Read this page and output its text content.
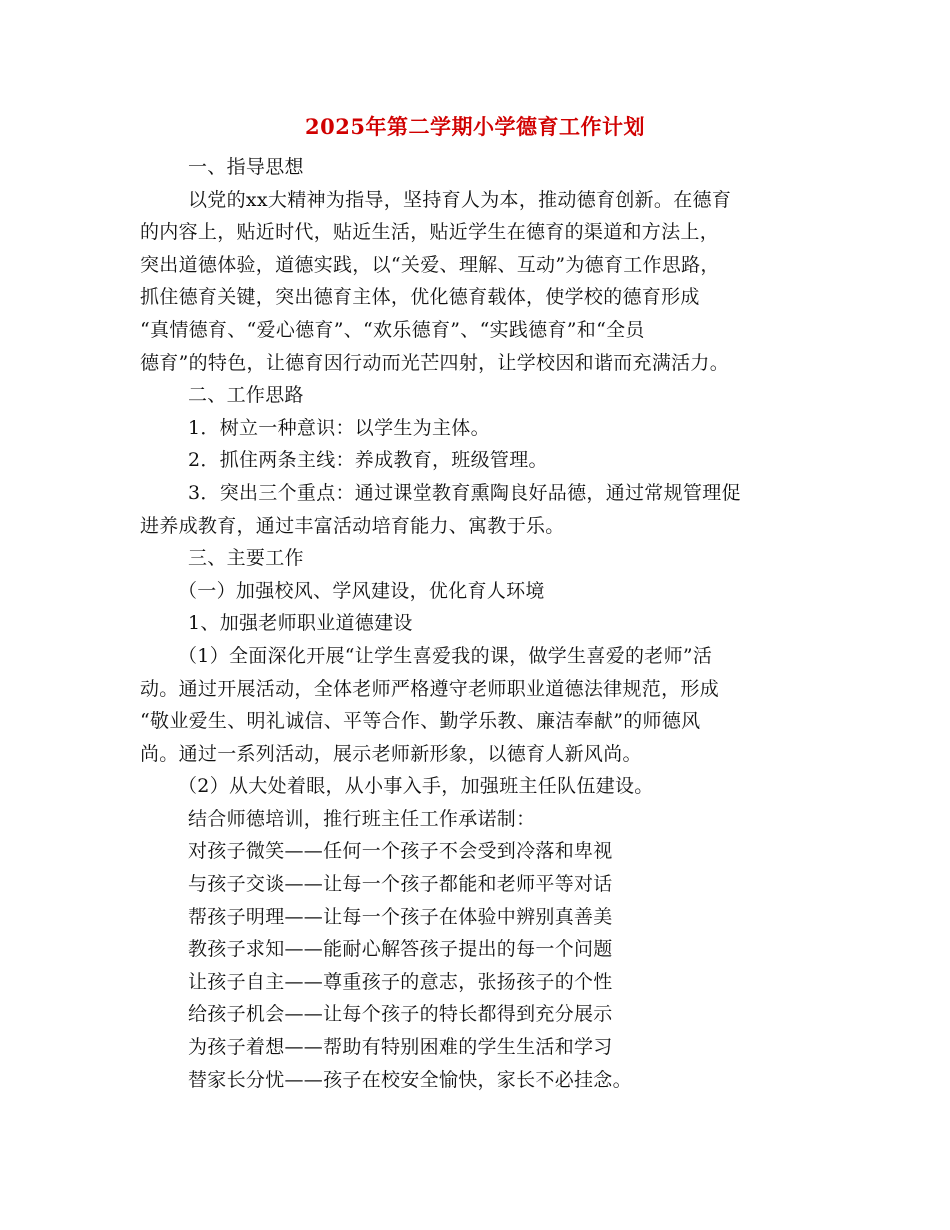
2025年第二学期小学德育工作计划
一、指导思想
以党的xx大精神为指导，坚持育人为本，推动德育创新。在德育
的内容上，贴近时代，贴近生活，贴近学生在德育的渠道和方法上，
突出道德体验，道德实践，以“关爱、理解、互动”为德育工作思路，
抓住德育关键，突出德育主体，优化德育载体，使学校的德育形成
“真情德育、“爱心德育”、“欢乐德育”、“实践德育”和“全员
德育”的特色，让德育因行动而光芒四射，让学校因和谐而充满活力。
二、工作思路
1．树立一种意识：以学生为主体。
2．抓住两条主线：养成教育，班级管理。
3．突出三个重点：通过课堂教育熏陶良好品德，通过常规管理促
进养成教育，通过丰富活动培育能力、寓教于乐。
三、主要工作
（一）加强校风、学风建设，优化育人环境
1、加强老师职业道德建设
（1）全面深化开展“让学生喜爱我的课，做学生喜爱的老师”活
动。通过开展活动，全体老师严格遵守老师职业道德法律规范，形成
“敬业爱生、明礼诚信、平等合作、勤学乐教、廉洁奉献”的师德风
尚。通过一系列活动，展示老师新形象，以德育人新风尚。
（2）从大处着眼，从小事入手，加强班主任队伍建设。
结合师德培训，推行班主任工作承诺制：
对孩子微笑——任何一个孩子不会受到冷落和卑视
与孩子交谈——让每一个孩子都能和老师平等对话
帮孩子明理——让每一个孩子在体验中辨别真善美
教孩子求知——能耐心解答孩子提出的每一个问题
让孩子自主——尊重孩子的意志，张扬孩子的个性
给孩子机会——让每个孩子的特长都得到充分展示
为孩子着想——帮助有特别困难的学生生活和学习
替家长分忧——孩子在校安全愉快，家长不必挂念。
